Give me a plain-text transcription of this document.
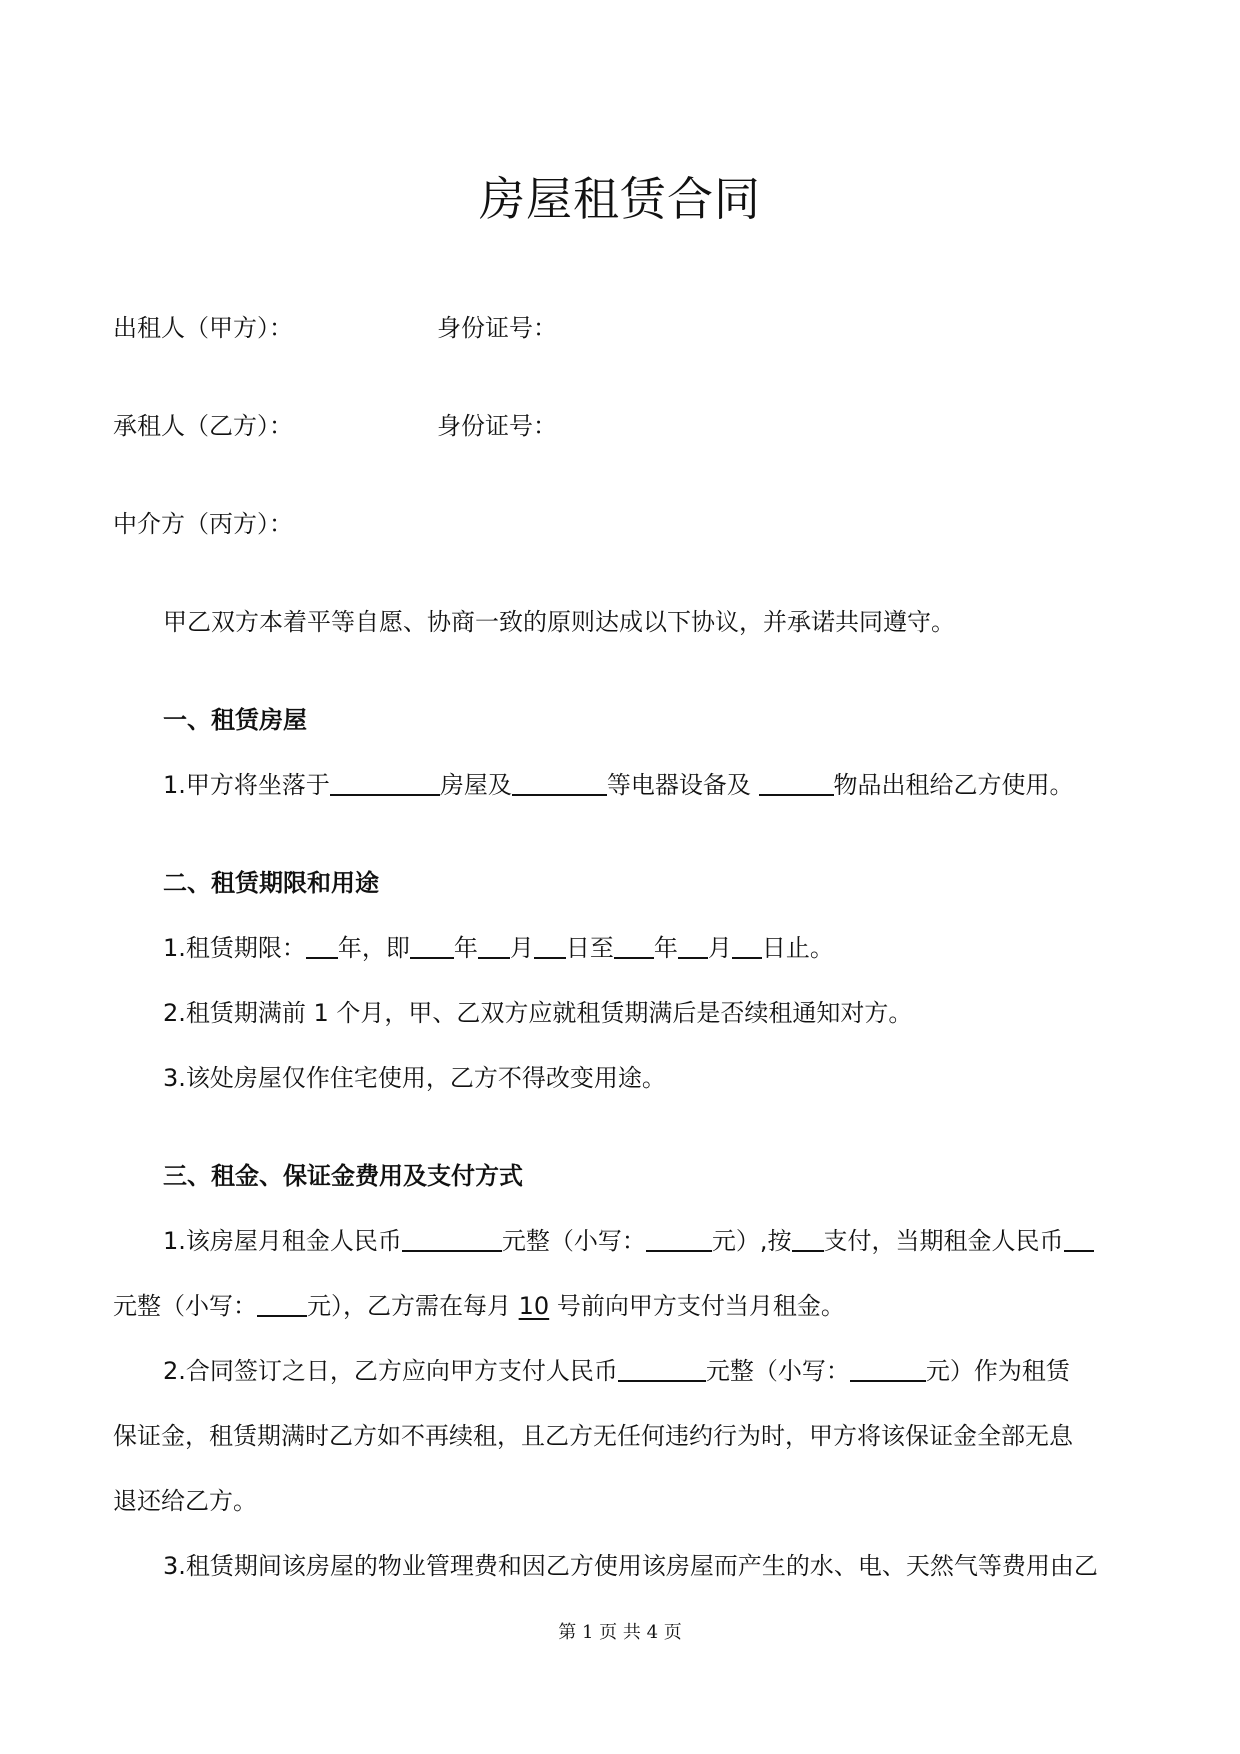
房屋租赁合同
出租人（甲方）：	身份证号：
承租人（乙方）：	身份证号：
中介方（丙方）：
甲乙双方本着平等自愿、协商一致的原则达成以下协议，并承诺共同遵守。
一、租赁房屋
1.甲方将坐落于	房屋及	等电器设备及	物品出租给乙方使用。
二、租赁期限和用途
1.租赁期限： 年，即 年 月 日至 年 月 日止。
2.租赁期满前 1 个月，甲、乙双方应就租赁期满后是否续租通知对方。
3.该处房屋仅作住宅使用，乙方不得改变用途。
三、租金、保证金费用及支付方式
1.该房屋月租金人民币	元整（小写：	元）,按 支付，当期租金人民币
元整（小写： 元），乙方需在每月 10 号前向甲方支付当月租金。
2.合同签订之日，乙方应向甲方支付人民币	元整（小写：	元）作为租赁
保证金，租赁期满时乙方如不再续租，且乙方无任何违约行为时，甲方将该保证金全部无息
退还给乙方。
3.租赁期间该房屋的物业管理费和因乙方使用该房屋而产生的水、电、天然气等费用由乙
第 1 页 共 4 页
